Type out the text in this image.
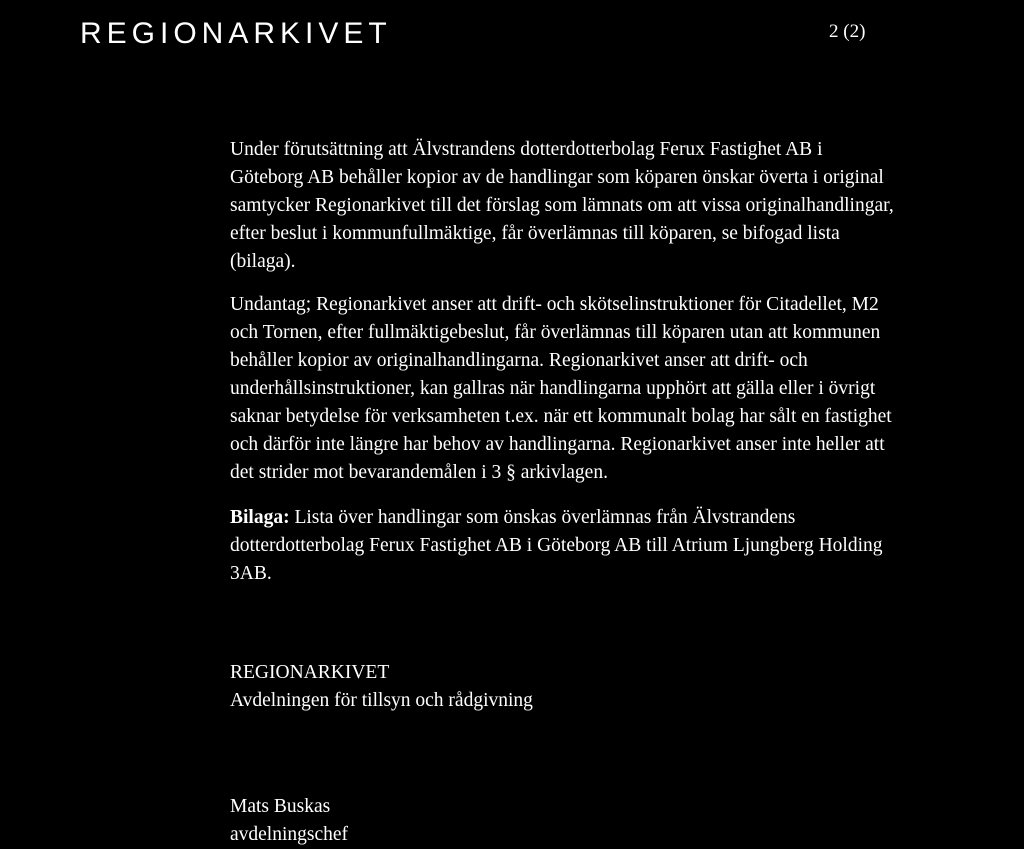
REGIONARKIVET	2 (2)
Under förutsättning att Älvstrandens dotterdotterbolag Ferux Fastighet AB i
Göteborg AB behåller kopior av de handlingar som köparen önskar överta i original
samtycker Regionarkivet till det förslag som lämnats om att vissa originalhandlingar,
efter beslut i kommunfullmäktige, får överlämnas till köparen, se bifogad lista
(bilaga).
Undantag; Regionarkivet anser att drift- och skötselinstruktioner för Citadellet, M2
och Tornen, efter fullmäktigebeslut, får överlämnas till köparen utan att kommunen
behåller kopior av originalhandlingarna. Regionarkivet anser att drift- och
underhållsinstruktioner, kan gallras när handlingarna upphört att gälla eller i övrigt
saknar betydelse för verksamheten t.ex. när ett kommunalt bolag har sålt en fastighet
och därför inte längre har behov av handlingarna. Regionarkivet anser inte heller att
det strider mot bevarandemålen i 3 § arkivlagen.
Bilaga: Lista över handlingar som önskas överlämnas från Älvstrandens
dotterdotterbolag Ferux Fastighet AB i Göteborg AB till Atrium Ljungberg Holding
3AB.
REGIONARKIVET
Avdelningen för tillsyn och rådgivning
Mats Buskas
avdelningschef
